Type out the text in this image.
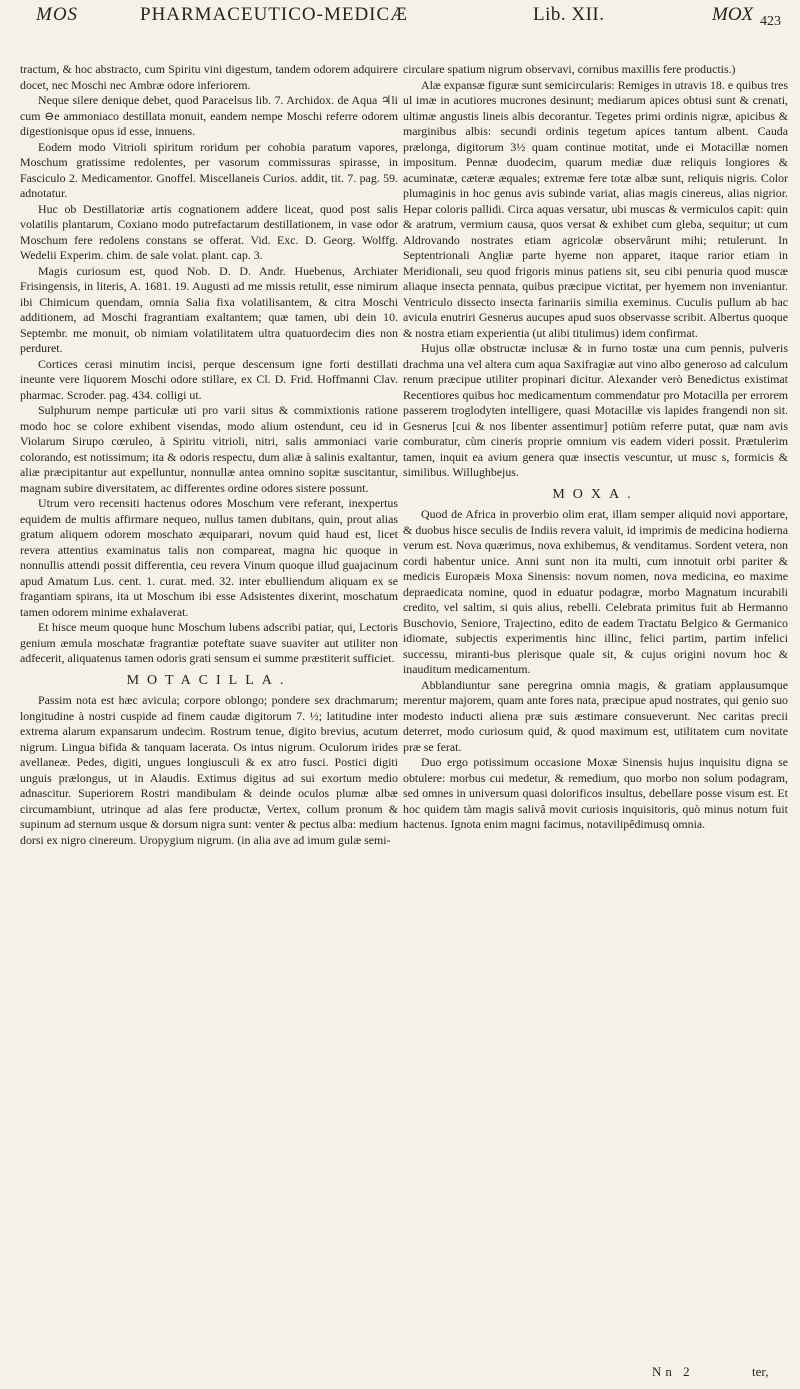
MOS	PHARMACEUTICO-MEDICÆ	Lib. XII.	MOX 423

tractum, & hoc abstracto, cum Spiritu vini digestum, tandem odorem adquirere docet, nec Moschi nec Ambræ odore inferiorem.

Neque silere denique debet, quod Paracelsus lib. 7. Archidox. de Aqua ♃li cum ⊖e ammoniaco destillata monuit, eandem nempe Moschi referre odorem digestionisque opus id esse, innuens.

Eodem modo Vitrioli spiritum roridum per cohobia paratum vapores, Moschum gratissime redolentes, per vasorum commissuras spirasse, in Fasciculo 2. Medicamentor. Gnoffel. Miscellaneis Curios. addit, tit. 7. pag. 59. adnotatur.

Huc ob Destillatoriæ artis cognationem addere liceat, quod post salis volatilis plantarum, Coxiano modo putrefactarum destillationem, in vase odor Moschum fere redolens constans se offerat. Vid. Exc. D. Georg. Wolffg. Wedelii Experim. chim. de sale volat. plant. cap. 3.

Magis curiosum est, quod Nob. D. D. Andr. Huebenus, Archiater Frisingensis, in literis, A. 1681. 19. Augusti ad me missis retulit, esse nimirum ibi Chimicum quendam, omnia Salia fixa volatilisantem, & citra Moschi additionem, ad Moschi fragrantiam exaltantem; quæ tamen, ubi dein 10. Septembr. me monuit, ob nimiam volatilitatem ultra quatuordecim dies non perduret.

Cortices cerasi minutim incisi, perque descensum igne forti destillati ineunte vere liquorem Moschi odore stillare, ex Cl. D. Frid. Hoffmanni Clav. pharmac. Scroder. pag. 434. colligi ut.

Sulphurum nempe particulæ uti pro varii situs & commixtionis ratione modo hoc se colore exhibent visendas, modo alium ostendunt, ceu id in Violarum Sirupo cœruleo, à Spiritu vitrioli, nitri, salis ammoniaci varie colorando, est notissimum; ita & odoris respectu, dum aliæ à salinis exaltantur, aliæ præcipitantur aut expelluntur, nonnullæ antea omnino sopitæ suscitantur, magnam subire diversitatem, ac differentes ordine odores sistere possunt.

Utrum vero recensiti hactenus odores Moschum vere referant, inexpertus equidem de multis affirmare nequeo, nullus tamen dubitans, quin, prout alias gratum aliquem odorem moschato æquiparari, novum quid haud est, licet revera attentius examinatus talis non compareat, magna hic quoque in nonnullis attendi possit differentia, ceu revera Vinum quoque illud guajacinum apud Amatum Lus. cent. 1. curat. med. 32. inter ebulliendum aliquam ex se fragantiam spirans, ita ut Moschum ibi esse Adsistentes dixerint, moschatum tamen odorem minime exhalaverat.

Et hisce meum quoque hunc Moschum lubens adscribi patiar, qui, Lectoris genium æmula moschatæ fragrantiæ poteftate suave suaviter aut utiliter non adfecerit, aliquatenus tamen odoris grati sensum ei summe præstiterit sufficiet.

MOTACILLA.

Passim nota est hæc avicula; corpore oblongo; pondere sex drachmarum; longitudine à nostri cuspide ad finem caudæ digitorum 7. ½; latitudine inter extrema alarum expansarum undecim. Rostrum tenue, digito brevius, acutum nigrum. Lingua bifida & tanquam lacerata. Os intus nigrum. Oculorum irides avellaneæ. Pedes, digiti, ungues longiusculi & ex atro fusci. Postici digiti unguis prælongus, ut in Alaudis. Extimus digitus ad sui exortum medio adnascitur. Superiorem Rostri mandibulam & deinde oculos plumæ albæ circumambiunt, utrinque ad alas fere productæ, Vertex, collum pronum & supinum ad sternum usque & dorsum nigra sunt: venter & pectus alba: medium dorsi ex nigro cinereum. Uropygium nigrum. (in alia ave ad imum gulæ semi-

circulare spatium nigrum observavi, cornibus maxillis fere productis.)

Alæ expansæ figuræ sunt semicircularis: Remiges in utravis 18. e quibus tres ul imæ in acutiores mucrones desinunt; mediarum apices obtusi sunt & crenati, ultimæ angustis lineis albis decorantur. Tegetes primi ordinis nigræ, apicibus & marginibus albis: secundi ordinis tegetum apices tantum albent. Cauda prælonga, digitorum 3½ quam continue motitat, unde ei Motacillæ nomen impositum. Pennæ duodecim, quarum mediæ duæ reliquis longiores & acuminatæ, cæteræ æquales; extremæ fere totæ albæ sunt, reliquis nigris. Color plumaginis in hoc genus avis subinde variat, alias magis cinereus, alias nigrior. Hepar coloris pallidi. Circa aquas versatur, ubi muscas & vermiculos capit: quin & aratrum, vermium causa, quos versat & exhibet cum gleba, sequitur; ut cum Aldrovando nostrates etiam agricolæ observârunt mihi; retulerunt. In Septentrionali Angliæ parte hyeme non apparet, itaque rarior etiam in Meridionali, seu quod frigoris minus patiens sit, seu cibi penuria quod muscæ aliaque insecta pennata, quibus præcipue victitat, per hyemem non inveniantur. Ventriculo dissecto insecta farinariis similia exeminus. Cuculis pullum ab hac avicula enutriri Gesnerus aucupes apud suos observasse scribit. Albertus quoque & nostra etiam experientia (ut alibi titulimus) idem confirmat.

Hujus ollæ obstructæ inclusæ & in furno tostæ una cum pennis, pulveris drachma una vel altera cum aqua Saxifragiæ aut vino albo generoso ad calculum renum præcipue utiliter propinari dicitur. Alexander verò Benedictus existimat Recentiores quibus hoc medicamentum commendatur pro Motacilla per errorem passerem troglodyten intelligere, quasi Motacillæ vis lapides frangendi non sit. Gesnerus [cui & nos libenter assentimur] potiùm referre putat, quæ nam avis comburatur, cùm cineris proprie omnium vis eadem videri possit. Prætulerim tamen, inquit ea avium genera quæ insectis vescuntur, ut musc s, formicis & similibus. Willughbejus.

MOXA.

Quod de Africa in proverbio olim erat, illam semper aliquid novi apportare, & duobus hisce seculis de Indiis revera valuit, id imprimis de medicina hodierna verum est. Nova quærimus, nova exhibemus, & venditamus. Sordent vetera, non cordi habentur unice. Anni sunt non ita multi, cum innotuit orbi pariter & medicis Europæis Moxa Sinensis: novum nomen, nova medicina, eo maxime depraedicata nomine, quod in eduatur podagræ, morbo Magnatum incurabili credito, vel saltim, si quis alius, rebelli. Celebrata primitus fuit ab Hermanno Buschovio, Seniore, Trajectino, edito de eadem Tractatu Belgico & Germanico idiomate, subjectis experimentis hinc illinc, felici partim, partim infelici successu, miranti-bus plerisque quale sit, & cujus origini novum hoc & inauditum medicamentum.

Abblandiuntur sane peregrina omnia magis, & gratiam applausumque merentur majorem, quam ante fores nata, præcipue apud nostrates, qui genio suo modesto inducti aliena præ suis æstimare consueverunt. Nec caritas precii deterret, modo curiosum quid, & quod maximum est, utilitatem cum novitate præ se ferat.

Duo ergo potissimum occasione Moxæ Sinensis hujus inquisitu digna se obtulere: morbus cui medetur, & remedium, quo morbo non solum podagram, sed omnes in universum quasi dolorificos insultus, debellare posse visum est. Et hoc quidem tàm magis salivâ movit curiosis inquisitoris, quò minus notum fuit hactenus. Ignota enim magni facimus, notavilipêdimusq omnia.

Nn 2	ter,
